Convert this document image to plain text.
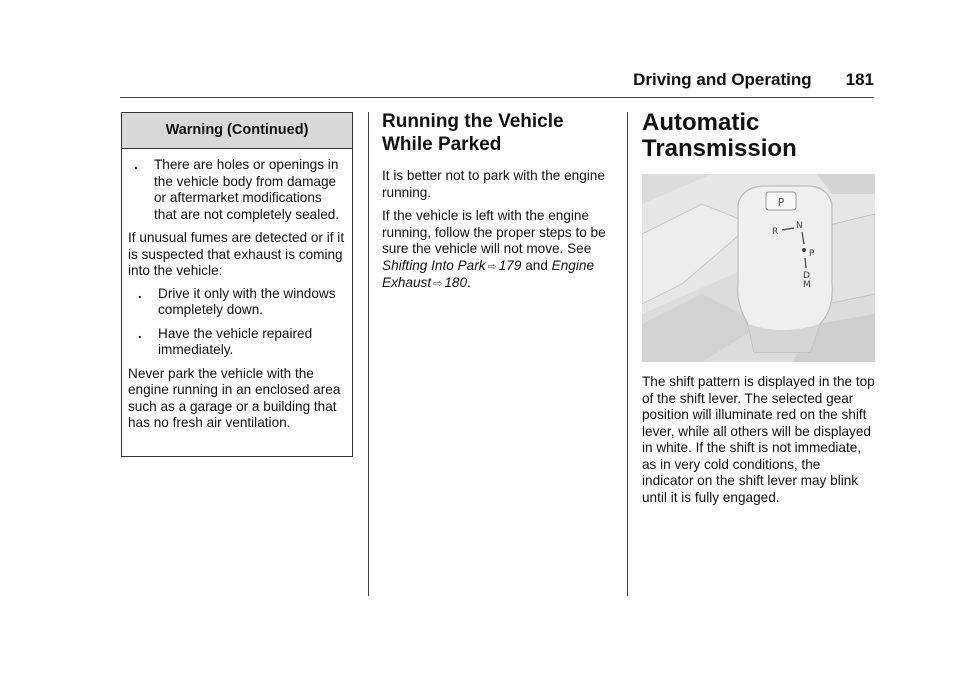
Driving and Operating 181
Warning (Continued)
.	There are holes or openings in the vehicle body from damage or aftermarket modifications that are not completely sealed.

If unusual fumes are detected or if it is suspected that exhaust is coming into the vehicle:

.	Drive it only with the windows completely down.
.	Have the vehicle repaired immediately.

Never park the vehicle with the engine running in an enclosed area such as a garage or a building that has no fresh air ventilation.

Running the Vehicle While Parked

It is better not to park with the engine running.

If the vehicle is left with the engine running, follow the proper steps to be sure the vehicle will not move. See Shifting Into Park ⇨ 179 and Engine Exhaust ⇨ 180.

Automatic Transmission
P
R
N
P
D
M

The shift pattern is displayed in the top of the shift lever. The selected gear position will illuminate red on the shift lever, while all others will be displayed in white. If the shift is not immediate, as in very cold conditions, the indicator on the shift lever may blink until it is fully engaged.
